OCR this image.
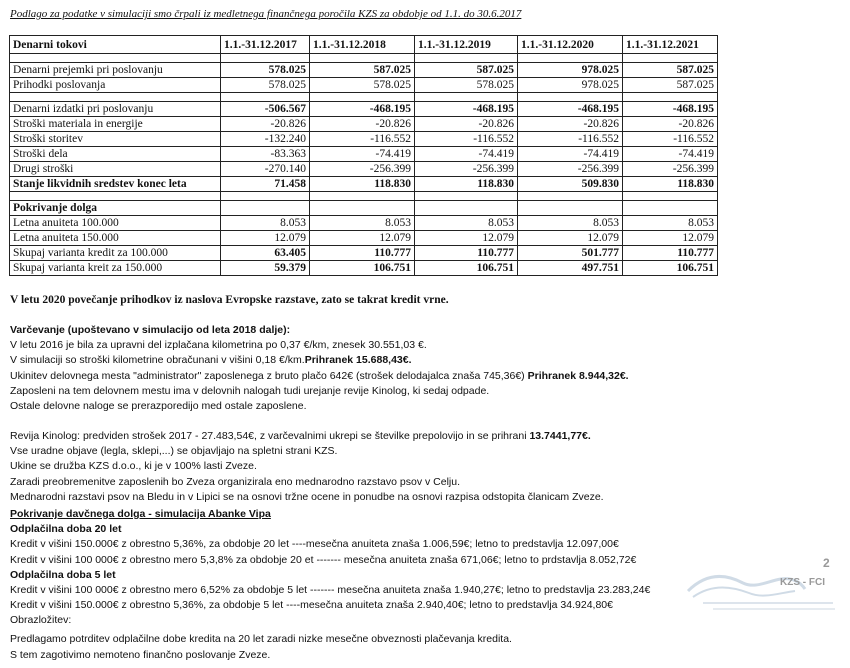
Podlago za podatke v simulaciji smo črpali iz medletnega finančnega poročila KZS za obdobje od 1.1. do 30.6.2017
Denarni tokovi	1.1.-31.12.2017	1.1.-31.12.2018	1.1.-31.12.2019	1.1.-31.12.2020	1.1.-31.12.2021

Denarni prejemki pri poslovanju	578.025	587.025	587.025	978.025	587.025
Prihodki poslovanja	578.025	578.025	578.025	978.025	587.025

Denarni izdatki pri poslovanju	-506.567	-468.195	-468.195	-468.195	-468.195
Stroški materiala in energije	-20.826	-20.826	-20.826	-20.826	-20.826
Stroški storitev	-132.240	-116.552	-116.552	-116.552	-116.552
Stroški dela	-83.363	-74.419	-74.419	-74.419	-74.419
Drugi stroški	-270.140	-256.399	-256.399	-256.399	-256.399
Stanje likvidnih sredstev konec leta	71.458	118.830	118.830	509.830	118.830

Pokrivanje dolga					
Letna anuiteta 100.000	8.053	8.053	8.053	8.053	8.053
Letna anuiteta 150.000	12.079	12.079	12.079	12.079	12.079
Skupaj varianta kredit za 100.000	63.405	110.777	110.777	501.777	110.777
Skupaj varianta kreit za 150.000	59.379	106.751	106.751	497.751	106.751
V letu 2020 povečanje prihodkov iz naslova Evropske razstave, zato se takrat kredit vrne.

Varčevanje (upoštevano v simulacijo od leta 2018 dalje):

V letu 2016 je bila za upravni del izplačana kilometrina po 0,37 €/km, znesek 30.551,03 €.

V simulaciji so stroški kilometrine obračunani v višini 0,18 €/km.Prihranek 15.688,43€.

Ukinitev delovnega mesta "administrator" zaposlenega z bruto plačo 642€ (strošek delodajalca znaša 745,36€) Prihranek 8.944,32€.

Zaposleni na tem delovnem mestu ima v delovnih nalogah tudi urejanje revije Kinolog, ki sedaj odpade.

Ostale delovne naloge se prerazporedijo med ostale zaposlene.

Revija Kinolog: predviden strošek 2017 - 27.483,54€, z varčevalnimi ukrepi se številke prepolovijo in se prihrani 13.7441,77€.

Vse uradne objave (legla, sklepi,...) se objavljajo na spletni strani KZS.

Ukine se družba KZS d.o.o., ki je v 100% lasti Zveze.

Zaradi preobremenitve zaposlenih bo Zveza organizirala eno mednarodno razstavo psov v Celju.

Mednarodni razstavi psov na Bledu in v Lipici se na osnovi tržne ocene in ponudbe na osnovi razpisa odstopita članicam Zveze.

Pokrivanje davčnega dolga - simulacija Abanke Vipa

Odplačilna doba 20 let

Kredit v višini 150.000€ z obrestno 5,36%, za obdobje 20 let ----mesečna anuiteta znaša 1.006,59€; letno to predstavlja 12.097,00€

Kredit v višini 100 000€ z obrestno mero 5,3,8% za obdobje 20 et ------- mesečna anuiteta znaša 671,06€; letno to prdstavlja 8.052,72€

Odplačilna doba 5 let

Kredit v višini 100 000€ z obrestno mero 6,52% za obdobje 5 let ------- mesečna anuiteta znaša 1.940,27€; letno to predstavlja 23.283,24€

Kredit v višini 150.000€ z obrestno 5,36%, za obdobje 5 let ----mesečna anuiteta znaša 2.940,40€; letno to predstavlja 34.924,80€

Obrazložitev:

Predlagamo potrditev odplačilne dobe kredita na 20 let zaradi nizke mesečne obveznosti plačevanja kredita.

S tem zagotivimo nemoteno finančno poslovanje Zveze.

2
KZS - FCI
